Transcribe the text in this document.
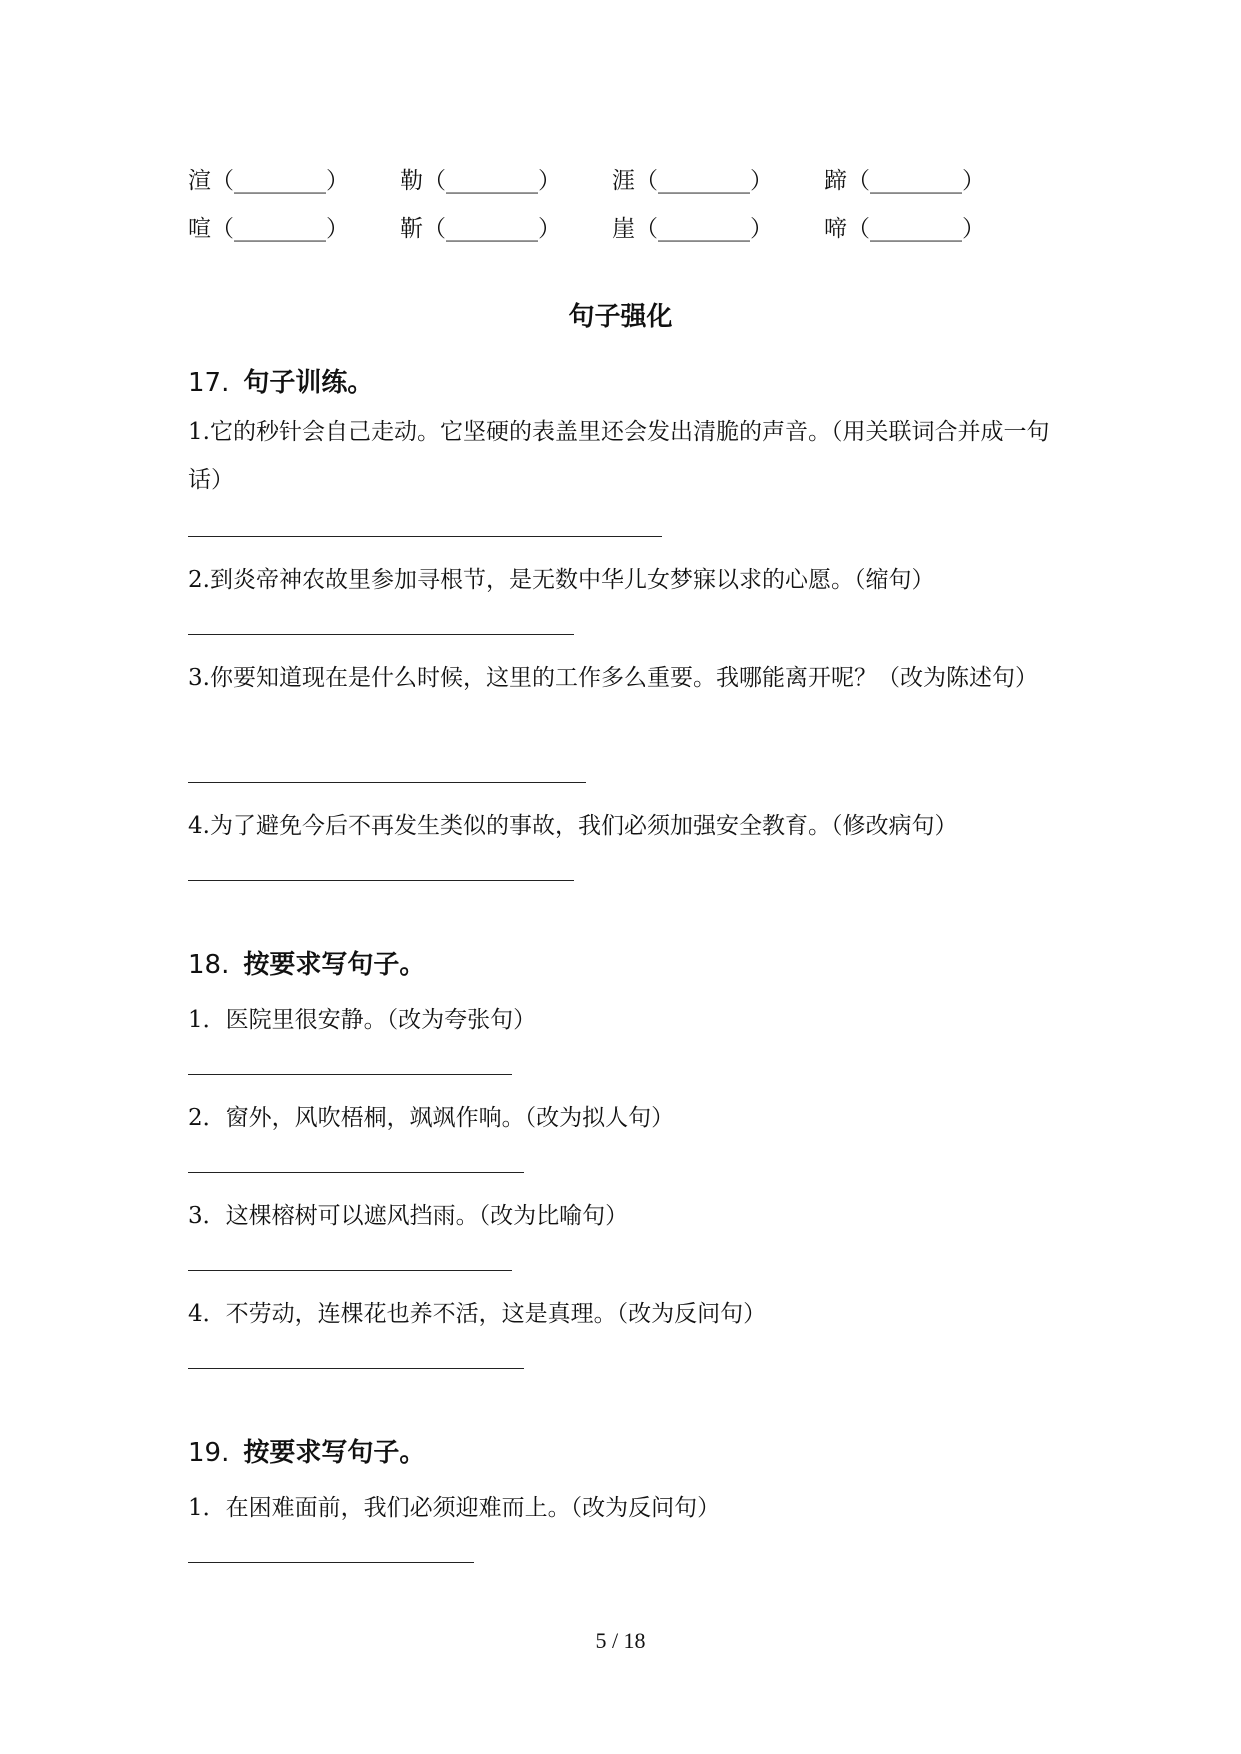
渲（________） 勒（________） 涯（________） 蹄（________）
喧（________） 靳（________） 崖（________） 啼（________）
句子强化
17. 句子训练。
1.它的秒针会自己走动。它坚硬的表盖里还会发出清脆的声音。（用关联词合并成一句话）
2.到炎帝神农故里参加寻根节，是无数中华儿女梦寐以求的心愿。（缩句）
3.你要知道现在是什么时候，这里的工作多么重要。我哪能离开呢？（改为陈述句）
4.为了避免今后不再发生类似的事故，我们必须加强安全教育。（修改病句）
18. 按要求写句子。
1．医院里很安静。（改为夸张句）
2．窗外，风吹梧桐，飒飒作响。（改为拟人句）
3．这棵榕树可以遮风挡雨。（改为比喻句）
4．不劳动，连棵花也养不活，这是真理。（改为反问句）
19. 按要求写句子。
1．在困难面前，我们必须迎难而上。（改为反问句）
5 / 18
